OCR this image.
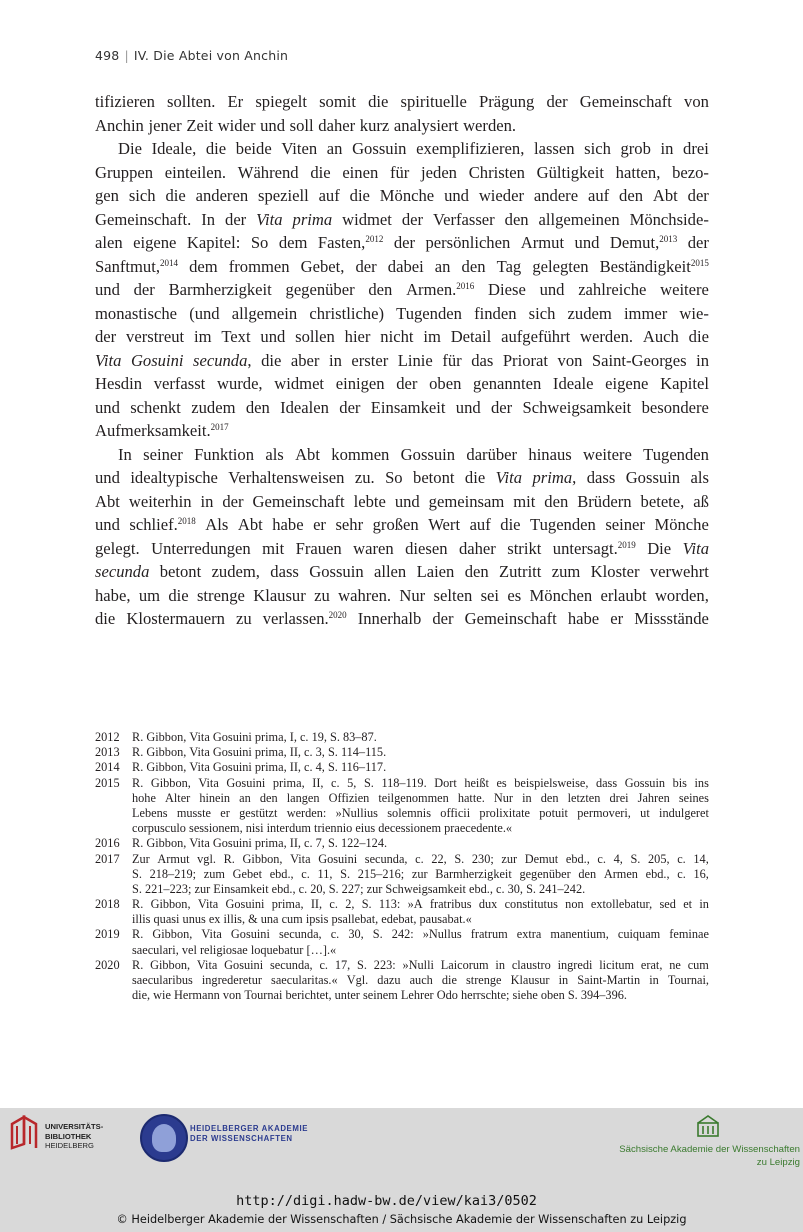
498 | IV. Die Abtei von Anchin
tifizieren sollten. Er spiegelt somit die spirituelle Prägung der Gemeinschaft von
Anchin jener Zeit wider und soll daher kurz analysiert werden.
Die Ideale, die beide Viten an Gossuin exemplifizieren, lassen sich grob in drei
Gruppen einteilen. Während die einen für jeden Christen Gültigkeit hatten, bezo-
gen sich die anderen speziell auf die Mönche und wieder andere auf den Abt der
Gemeinschaft. In der Vita prima widmet der Verfasser den allgemeinen Mönchside-
alen eigene Kapitel: So dem Fasten,$^{2012}$ der persönlichen Armut und Demut,$^{2013}$ der
Sanftmut,$^{2014}$ dem frommen Gebet, der dabei an den Tag gelegten Beständigkeit$^{2015}$
und der Barmherzigkeit gegenüber den Armen.$^{2016}$ Diese und zahlreiche weitere
monastische (und allgemein christliche) Tugenden finden sich zudem immer wie-
der verstreut im Text und sollen hier nicht im Detail aufgeführt werden. Auch die
Vita Gosuini secunda, die aber in erster Linie für das Priorat von Saint-Georges in
Hesdin verfasst wurde, widmet einigen der oben genannten Ideale eigene Kapitel
und schenkt zudem den Idealen der Einsamkeit und der Schweigsamkeit besondere
Aufmerksamkeit.$^{2017}$
In seiner Funktion als Abt kommen Gossuin darüber hinaus weitere Tugenden
und idealtypische Verhaltensweisen zu. So betont die Vita prima, dass Gossuin als
Abt weiterhin in der Gemeinschaft lebte und gemeinsam mit den Brüdern betete, aß
und schlief.$^{2018}$ Als Abt habe er sehr großen Wert auf die Tugenden seiner Mönche
gelegt. Unterredungen mit Frauen waren diesen daher strikt untersagt.$^{2019}$ Die Vita
secunda betont zudem, dass Gossuin allen Laien den Zutritt zum Kloster verwehrt
habe, um die strenge Klausur zu wahren. Nur selten sei es Mönchen erlaubt worden,
die Klostermauern zu verlassen.$^{2020}$ Innerhalb der Gemeinschaft habe er Missstände
2012	R. Gibbon, Vita Gosuini prima, I, c. 19, S. 83–87.
2013	R. Gibbon, Vita Gosuini prima, II, c. 3, S. 114–115.
2014	R. Gibbon, Vita Gosuini prima, II, c. 4, S. 116–117.
2015	R. Gibbon, Vita Gosuini prima, II, c. 5, S. 118–119. Dort heißt es beispielsweise, dass Gossuin bis ins
hohe Alter hinein an den langen Offizien teilgenommen hatte. Nur in den letzten drei Jahren seines
Lebens musste er gestützt werden: »Nullius solemnis officii prolixitate potuit permoveri, ut indulgeret
corpusculo sessionem, nisi interdum triennio eius decessionem praecedente.«
2016	R. Gibbon, Vita Gosuini prima, II, c. 7, S. 122–124.
2017	Zur Armut vgl. R. Gibbon, Vita Gosuini secunda, c. 22, S. 230; zur Demut ebd., c. 4, S. 205, c. 14,
S. 218–219; zum Gebet ebd., c. 11, S. 215–216; zur Barmherzigkeit gegenüber den Armen ebd., c. 16,
S. 221–223; zur Einsamkeit ebd., c. 20, S. 227; zur Schweigsamkeit ebd., c. 30, S. 241–242.
2018	R. Gibbon, Vita Gosuini prima, II, c. 2, S. 113: »A fratribus dux constitutus non extollebatur, sed et in
illis quasi unus ex illis, & una cum ipsis psallebat, edebat, pausabat.«
2019	R. Gibbon, Vita Gosuini secunda, c. 30, S. 242: »Nullus fratrum extra manentium, cuiquam feminae
saeculari, vel religiosae loquebatur […].«
2020	R. Gibbon, Vita Gosuini secunda, c. 17, S. 223: »Nulli Laicorum in claustro ingredi licitum erat, ne cum
saecularibus ingrederetur saecularitas.« Vgl. dazu auch die strenge Klausur in Saint-Martin in Tournai,
die, wie Hermann von Tournai berichtet, unter seinem Lehrer Odo herrschte; siehe oben S. 394–396.
UNIVERSITÄTS-
BIBLIOTHEK
HEIDELBERG
HEIDELBERGER AKADEMIE
DER WISSENSCHAFTEN
Sächsische Akademie der Wissenschaften
zu Leipzig
http://digi.hadw-bw.de/view/kai3/0502
© Heidelberger Akademie der Wissenschaften / Sächsische Akademie der Wissenschaften zu Leipzig
